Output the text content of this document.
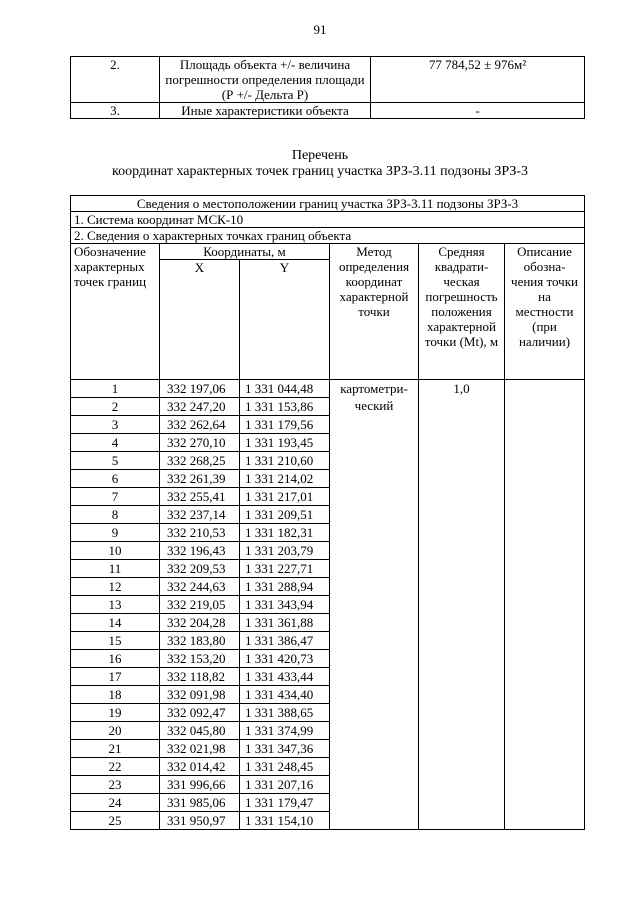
91
2.	Площадь объекта +/- величина погрешности определения площади (Р +/- Дельта Р)	77 784,52 ± 976м²
3.	Иные характеристики объекта	-
Перечень
координат характерных точек границ участка ЗРЗ-3.11 подзоны ЗРЗ-3
Сведения о местоположении границ участка ЗРЗ-3.11 подзоны ЗРЗ-3					
1. Система координат МСК-10					
2. Сведения о характерных точках границ объекта					
Обозначение характерных точек границ	Координаты, м		Метод определения координат характерной точки	Средняя квадрати-ческая погрешность положения характерной точки (Мt), м	Описание обозна-чения точки на местности (при наличии)
	X	Y			
1	332 197,06	1 331 044,48	картометри-ческий	1,0	
2	332 247,20	1 331 153,86			
3	332 262,64	1 331 179,56			
4	332 270,10	1 331 193,45			
5	332 268,25	1 331 210,60			
6	332 261,39	1 331 214,02			
7	332 255,41	1 331 217,01			
8	332 237,14	1 331 209,51			
9	332 210,53	1 331 182,31			
10	332 196,43	1 331 203,79			
11	332 209,53	1 331 227,71			
12	332 244,63	1 331 288,94			
13	332 219,05	1 331 343,94			
14	332 204,28	1 331 361,88			
15	332 183,80	1 331 386,47			
16	332 153,20	1 331 420,73			
17	332 118,82	1 331 433,44			
18	332 091,98	1 331 434,40			
19	332 092,47	1 331 388,65			
20	332 045,80	1 331 374,99			
21	332 021,98	1 331 347,36			
22	332 014,42	1 331 248,45			
23	331 996,66	1 331 207,16			
24	331 985,06	1 331 179,47			
25	331 950,97	1 331 154,10			
